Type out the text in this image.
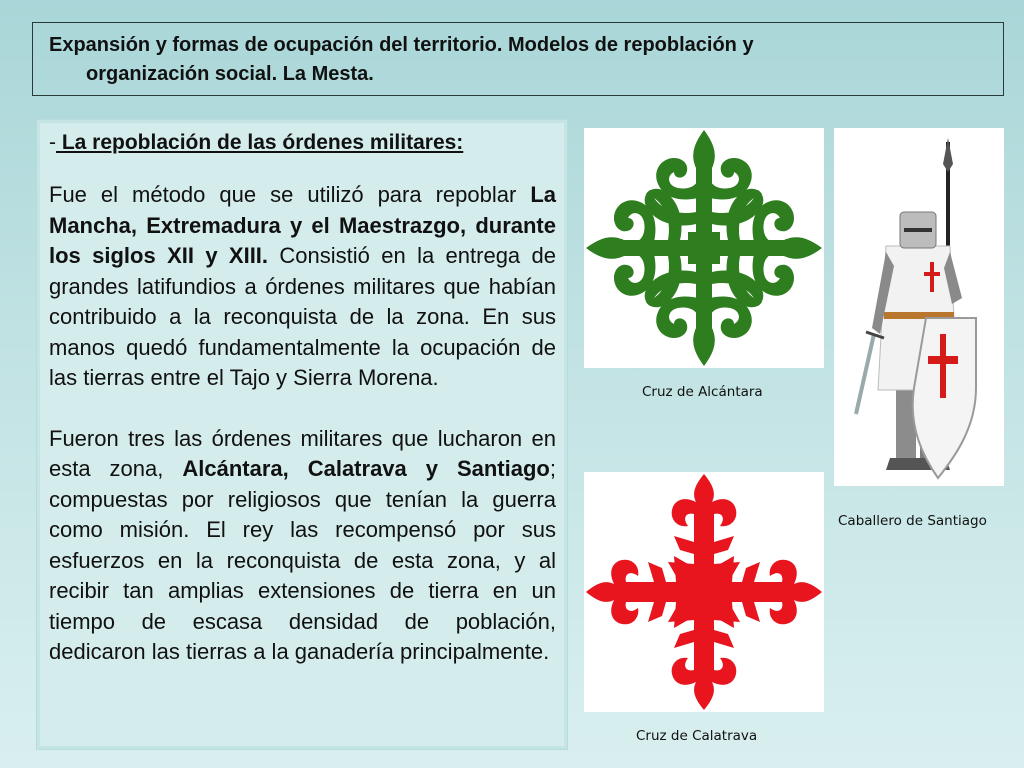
Expansión y formas de ocupación del territorio. Modelos de repoblación y

organización social. La Mesta.

- La repoblación de las órdenes militares:

Fue el método que se utilizó para repoblar La Mancha, Extremadura y el Maestrazgo, durante los siglos XII y XIII. Consistió en la entrega de grandes latifundios a órdenes militares que habían contribuido a la reconquista de la zona. En sus manos quedó fundamentalmente la ocupación de las tierras entre el Tajo y Sierra Morena.

Fueron tres las órdenes militares que lucharon en esta zona, Alcántara, Calatrava y Santiago; compuestas por religiosos que tenían la guerra como misión. El rey las recompensó por sus esfuerzos en la reconquista de esta zona, y al recibir tan amplias extensiones de tierra en un tiempo de escasa densidad de población, dedicaron las tierras a la ganadería principalmente.

Cruz de Alcántara
Cruz de Calatrava
Caballero de Santiago
